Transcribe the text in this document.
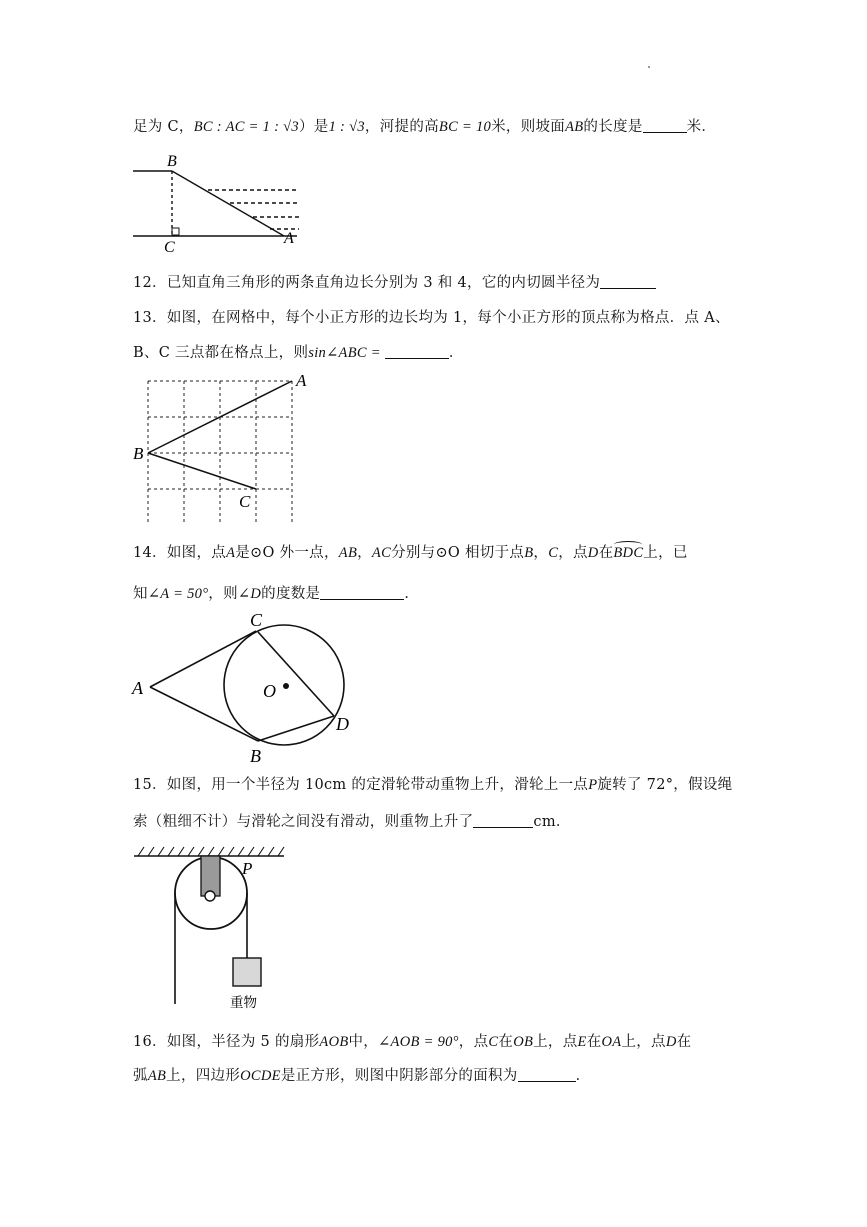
足为 C，BC : AC = 1 : √3）是1 : √3，河提的高BC = 10米，则坡面AB的长度是	米．
B
C
A
12．已知直角三角形的两条直角边长分别为 3 和 4，它的内切圆半径为
13．如图，在网格中，每个小正方形的边长均为 1，每个小正方形的顶点称为格点．点 A、
B、C 三点都在格点上，则sin∠ABC =	．
A
B
C
14．如图，点A是⊙O 外一点，AB，AC分别与⊙O 相切于点B，C，点D在
BDC上，已
知∠A = 50°，则∠D的度数是	．
A
C
B
D
O
15．如图，用一个半径为 10cm 的定滑轮带动重物上升，滑轮上一点P旋转了 72°，假设绳
索（粗细不计）与滑轮之间没有滑动，则重物上升了	cm．
P
重物
16．如图，半径为 5 的扇形AOB中，∠AOB = 90°，点C在OB上，点E在OA上，点D在
弧AB上，四边形OCDE是正方形，则图中阴影部分的面积为	．
